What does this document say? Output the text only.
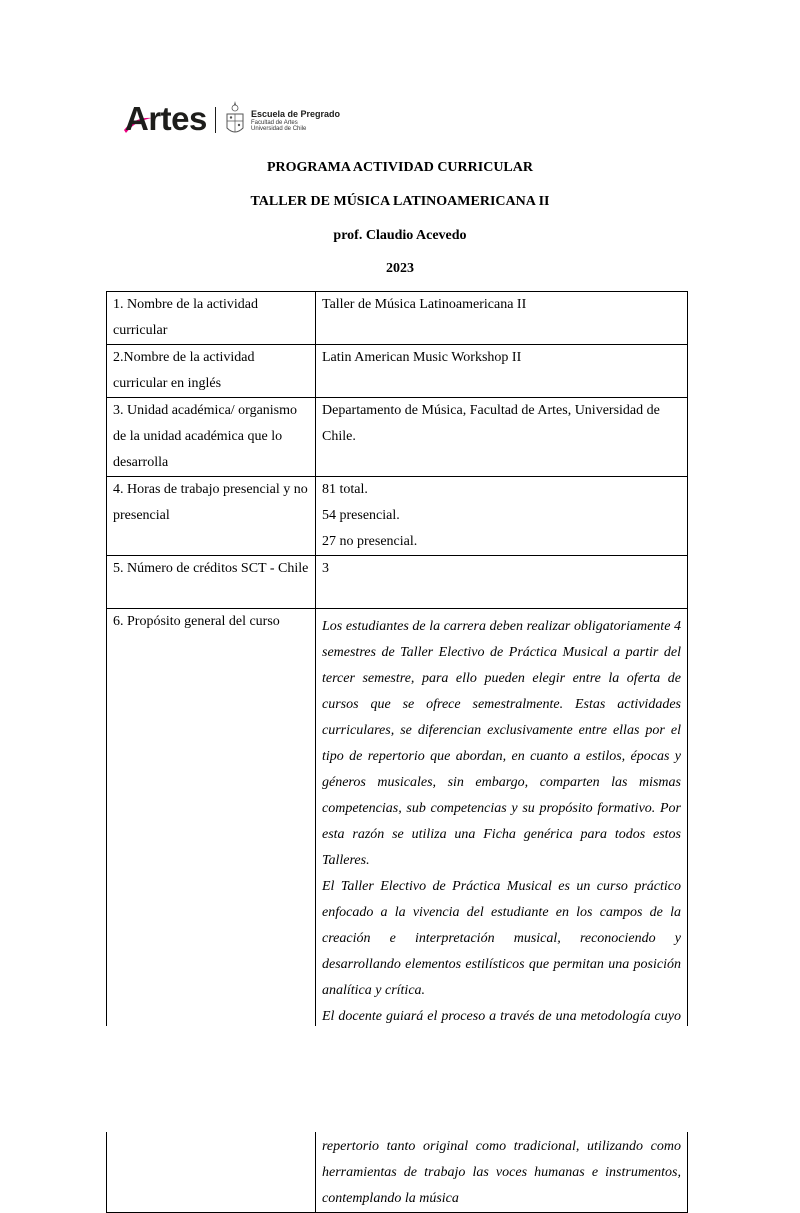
Artes	Escuela de Pregrado
Facultad de Artes
Universidad de Chile
PROGRAMA ACTIVIDAD CURRICULAR
TALLER DE MÚSICA LATINOAMERICANA II
prof. Claudio Acevedo
2023
1. Nombre de la actividad curricular	Taller de Música Latinoamericana II
2.Nombre de la actividad curricular en inglés	Latin American Music Workshop II
3. Unidad académica/ organismo de la unidad académica que lo desarrolla	Departamento de Música, Facultad de Artes, Universidad de Chile.
4. Horas de trabajo presencial y no presencial	81 total.
54 presencial.
27 no presencial.

5. Número de créditos SCT - Chile	3
6. Propósito general del curso	Los estudiantes de la carrera deben realizar obligatoriamente 4 semestres de Taller Electivo de Práctica Musical a partir del tercer semestre, para ello pueden elegir entre la oferta de cursos que se ofrece semestralmente. Estas actividades curriculares, se diferencian exclusivamente entre ellas por el tipo de repertorio que abordan, en cuanto a estilos, épocas y géneros musicales, sin embargo, comparten las mismas competencias, sub competencias y su propósito formativo. Por esta razón se utiliza una Ficha genérica para todos estos Talleres.

El Taller Electivo de Práctica Musical es un curso práctico enfocado a la vivencia del estudiante en los campos de la creación e interpretación musical, reconociendo y desarrollando elementos estilísticos que permitan una posición analítica y crítica.

El docente guiará el proceso a través de una metodología cuyo repertorio tanto original como tradicional, utilizando como herramientas de trabajo las voces humanas e instrumentos, contemplando la música
